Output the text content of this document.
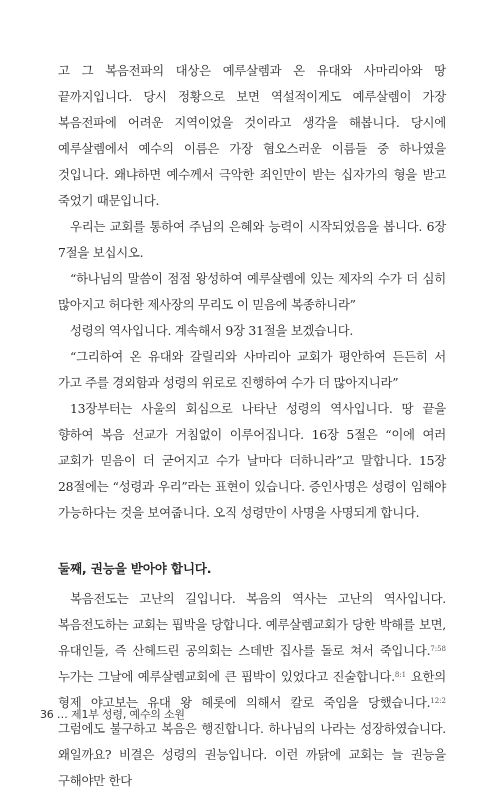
고 그 복음전파의 대상은 예루살렘과 온 유대와 사마리아와 땅 끝까지입니다. 당시 정황으로 보면 역설적이게도 예루살렘이 가장 복음전파에 어려운 지역이었을 것이라고 생각을 해봅니다. 당시에 예루살렘에서 예수의 이름은 가장 혐오스러운 이름들 중 하나였을 것입니다. 왜냐하면 예수께서 극악한 죄인만이 받는 십자가의 형을 받고 죽었기 때문입니다.

우리는 교회를 통하여 주님의 은혜와 능력이 시작되었음을 봅니다. 6장 7절을 보십시오.

“하나님의 말씀이 점점 왕성하여 예루살렘에 있는 제자의 수가 더 심히 많아지고 허다한 제사장의 무리도 이 믿음에 복종하니라”

성령의 역사입니다. 계속해서 9장 31절을 보겠습니다.

“그리하여 온 유대와 갈릴리와 사마리아 교회가 평안하여 든든히 서 가고 주를 경외함과 성령의 위로로 진행하여 수가 더 많아지니라”

13장부터는 사울의 회심으로 나타난 성령의 역사입니다. 땅 끝을 향하여 복음 선교가 거침없이 이루어집니다. 16장 5절은 “이에 여러 교회가 믿음이 더 굳어지고 수가 날마다 더하니라”고 말합니다. 15장 28절에는 “성령과 우리”라는 표현이 있습니다. 증인사명은 성령이 임해야 가능하다는 것을 보여줍니다. 오직 성령만이 사명을 사명되게 합니다.

둘째, 권능을 받아야 합니다.

복음전도는 고난의 길입니다. 복음의 역사는 고난의 역사입니다. 복음전도하는 교회는 핍박을 당합니다. 예루살렘교회가 당한 박해를 보면, 유대인들, 즉 산헤드린 공의회는 스데반 집사를 돌로 쳐서 죽입니다.$^{7:58}$ 누가는 그날에 예루살렘교회에 큰 핍박이 있었다고 진술합니다.$^{8:1}$ 요한의 형제 야고보는 유대 왕 헤롯에 의해서 칼로 죽임을 당했습니다.$^{12:2}$ 그럼에도 불구하고 복음은 행진합니다. 하나님의 나라는 성장하였습니다. 왜일까요? 비결은 성령의 권능입니다. 이런 까닭에 교회는 늘 권능을 구해야만 한다

36 … 제1부 성령, 예수의 소원
